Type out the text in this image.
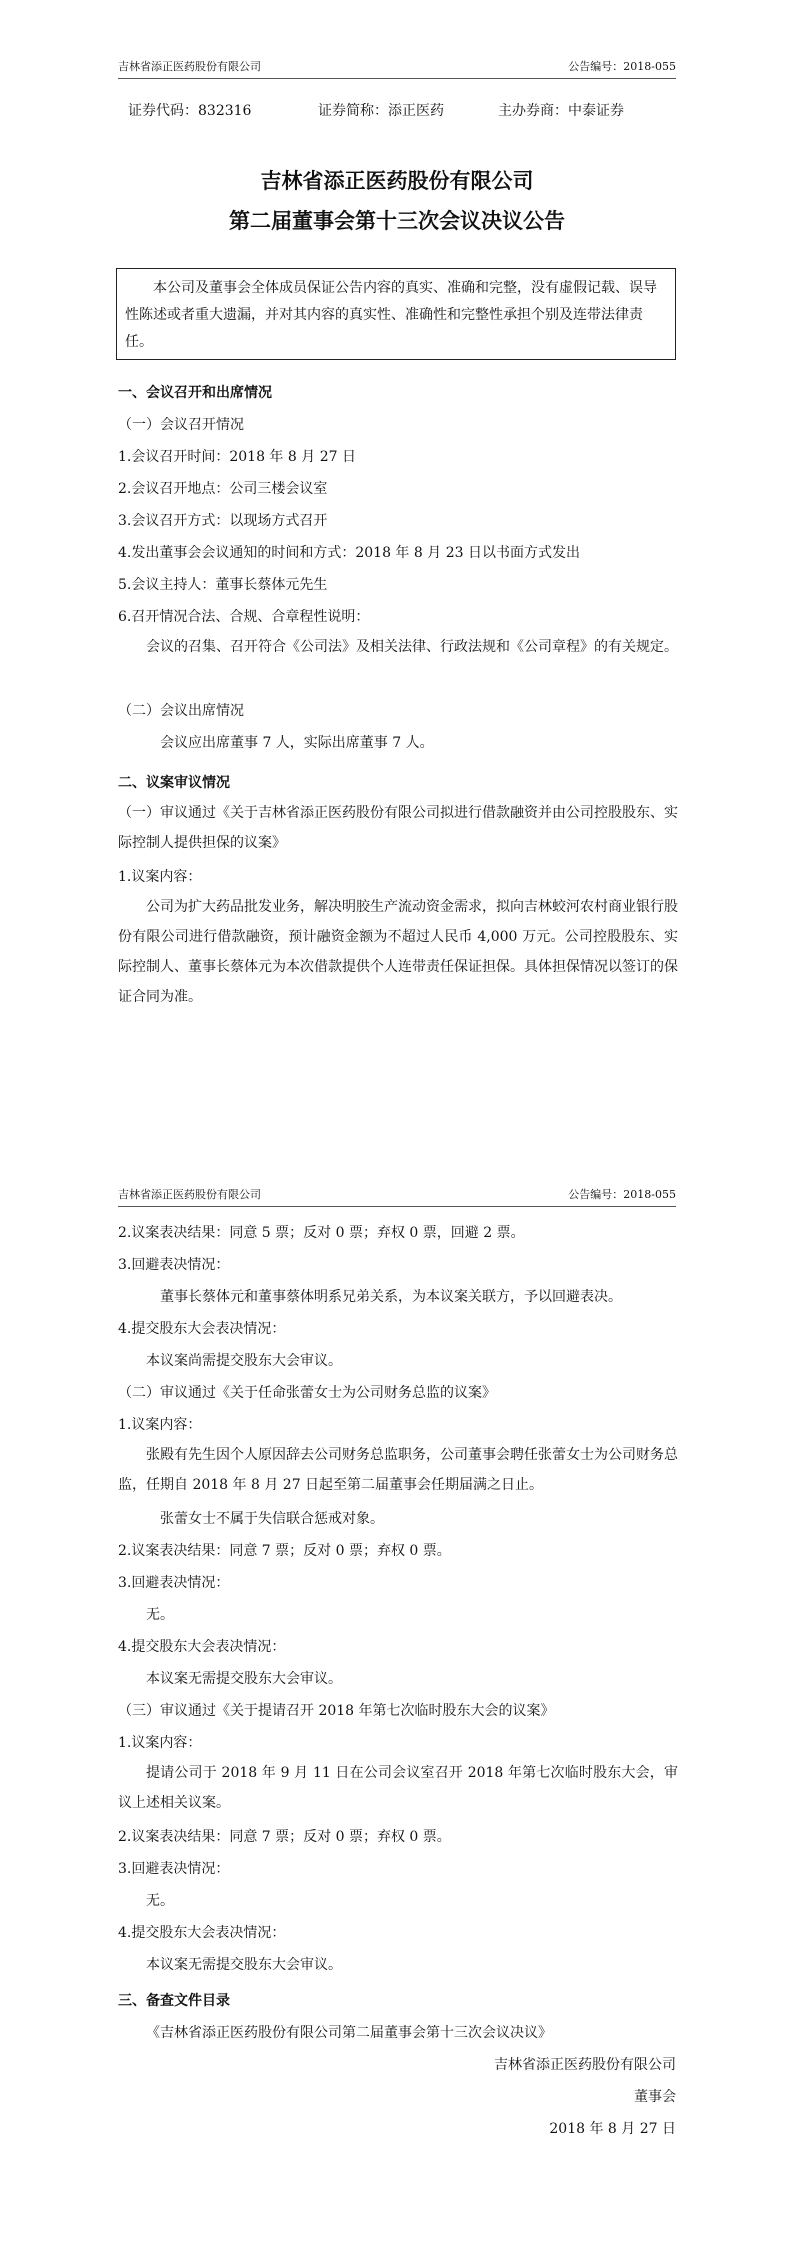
吉林省添正医药股份有限公司	公告编号：2018-055
证券代码：832316	证券简称：添正医药	主办券商：中泰证券
吉林省添正医药股份有限公司
第二届董事会第十三次会议决议公告
本公司及董事会全体成员保证公告内容的真实、准确和完整，没有虚假记载、误导性陈述或者重大遗漏，并对其内容的真实性、准确性和完整性承担个别及连带法律责任。
一、会议召开和出席情况
（一）会议召开情况
1.会议召开时间：2018 年 8 月 27 日
2.会议召开地点：公司三楼会议室
3.会议召开方式：以现场方式召开
4.发出董事会会议通知的时间和方式：2018 年 8 月 23 日以书面方式发出
5.会议主持人：董事长蔡体元先生
6.召开情况合法、合规、合章程性说明：
会议的召集、召开符合《公司法》及相关法律、行政法规和《公司章程》的有关规定。
（二）会议出席情况
会议应出席董事 7 人，实际出席董事 7 人。
二、议案审议情况
（一）审议通过《关于吉林省添正医药股份有限公司拟进行借款融资并由公司控股股东、实际控制人提供担保的议案》
1.议案内容：
公司为扩大药品批发业务，解决明胶生产流动资金需求，拟向吉林蛟河农村商业银行股份有限公司进行借款融资，预计融资金额为不超过人民币 4,000 万元。公司控股股东、实际控制人、董事长蔡体元为本次借款提供个人连带责任保证担保。具体担保情况以签订的保证合同为准。
吉林省添正医药股份有限公司	公告编号：2018-055
2.议案表决结果：同意 5 票；反对 0 票；弃权 0 票，回避 2 票。
3.回避表决情况：
董事长蔡体元和董事蔡体明系兄弟关系，为本议案关联方，予以回避表决。
4.提交股东大会表决情况：
本议案尚需提交股东大会审议。
（二）审议通过《关于任命张蕾女士为公司财务总监的议案》
1.议案内容：
张殿有先生因个人原因辞去公司财务总监职务，公司董事会聘任张蕾女士为公司财务总监，任期自 2018 年 8 月 27 日起至第二届董事会任期届满之日止。
张蕾女士不属于失信联合惩戒对象。
2.议案表决结果：同意 7 票；反对 0 票；弃权 0 票。
3.回避表决情况：
无。
4.提交股东大会表决情况：
本议案无需提交股东大会审议。
（三）审议通过《关于提请召开 2018 年第七次临时股东大会的议案》
1.议案内容：
提请公司于 2018 年 9 月 11 日在公司会议室召开 2018 年第七次临时股东大会，审议上述相关议案。
2.议案表决结果：同意 7 票；反对 0 票；弃权 0 票。
3.回避表决情况：
无。
4.提交股东大会表决情况：
本议案无需提交股东大会审议。
三、备查文件目录
《吉林省添正医药股份有限公司第二届董事会第十三次会议决议》
吉林省添正医药股份有限公司
董事会
2018 年 8 月 27 日
